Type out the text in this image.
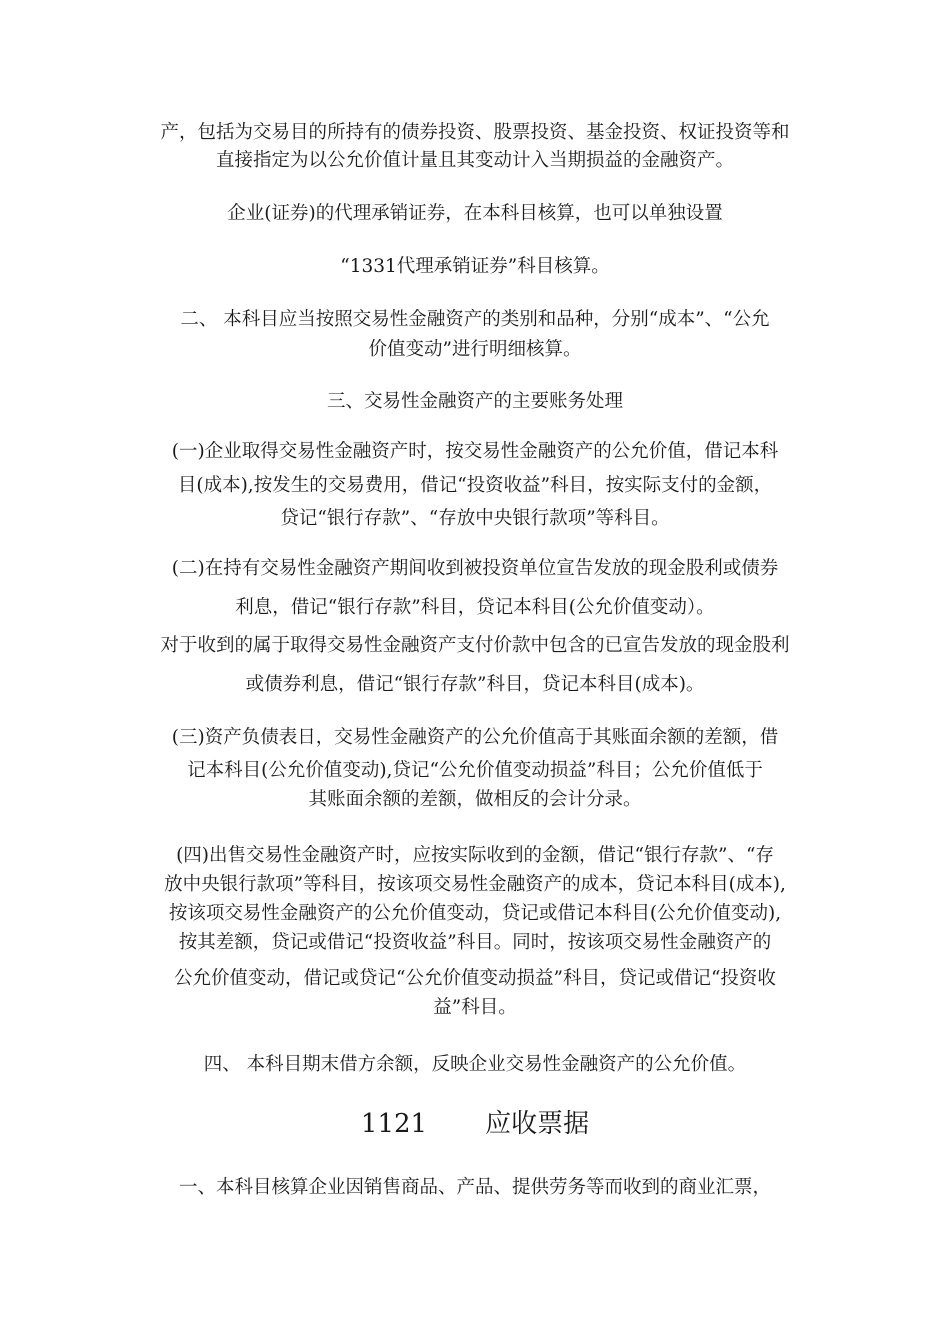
产，包括为交易目的所持有的债券投资、股票投资、基金投资、权证投资等和
直接指定为以公允价值计量且其变动计入当期损益的金融资产。
企业(证券)的代理承销证券，在本科目核算，也可以单独设置
“1331代理承销证券”科目核算。
二、 本科目应当按照交易性金融资产的类别和品种，分别“成本”、“公允
价值变动”进行明细核算。
三、交易性金融资产的主要账务处理
(一)企业取得交易性金融资产时，按交易性金融资产的公允价值，借记本科
目(成本),按发生的交易费用，借记“投资收益”科目，按实际支付的金额，
贷记“银行存款”、“存放中央银行款项”等科目。
(二)在持有交易性金融资产期间收到被投资单位宣告发放的现金股利或债券
利息，借记“银行存款”科目，贷记本科目(公允价值变动）。
对于收到的属于取得交易性金融资产支付价款中包含的已宣告发放的现金股利
或债券利息，借记“银行存款”科目，贷记本科目(成本)。
(三)资产负债表日，交易性金融资产的公允价值高于其账面余额的差额，借
记本科目(公允价值变动),贷记“公允价值变动损益”科目；公允价值低于
其账面余额的差额，做相反的会计分录。
(四)出售交易性金融资产时，应按实际收到的金额，借记“银行存款”、“存
放中央银行款项”等科目，按该项交易性金融资产的成本，贷记本科目(成本),
按该项交易性金融资产的公允价值变动，贷记或借记本科目(公允价值变动),
按其差额，贷记或借记“投资收益”科目。同时，按该项交易性金融资产的
公允价值变动，借记或贷记“公允价值变动损益”科目，贷记或借记“投资收
益”科目。
四、 本科目期末借方余额，反映企业交易性金融资产的公允价值。
1121 应收票据
一、本科目核算企业因销售商品、产品、提供劳务等而收到的商业汇票，
